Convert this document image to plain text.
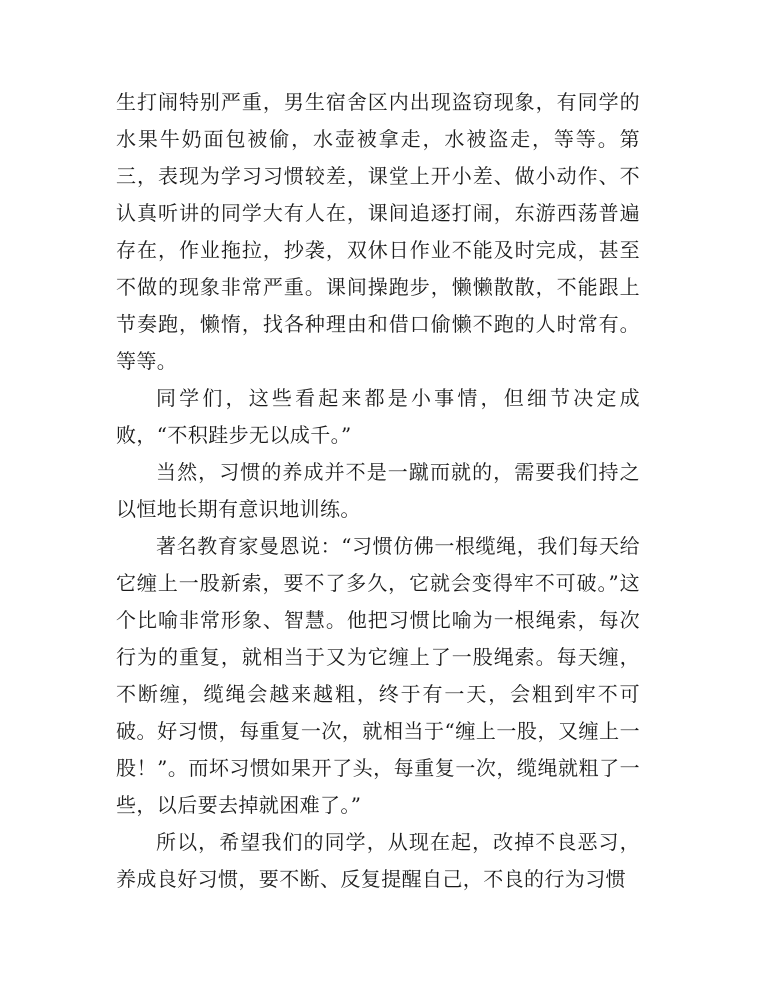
生打闹特别严重，男生宿舍区内出现盗窃现象，有同学的水果牛奶面包被偷，水壶被拿走，水被盗走，等等。第三，表现为学习习惯较差，课堂上开小差、做小动作、不认真听讲的同学大有人在，课间追逐打闹，东游西荡普遍存在，作业拖拉，抄袭，双休日作业不能及时完成，甚至不做的现象非常严重。课间操跑步，懒懒散散，不能跟上节奏跑，懒惰，找各种理由和借口偷懒不跑的人时常有。等等。

同学们，这些看起来都是小事情，但细节决定成败，“不积跬步无以成千。”

当然，习惯的养成并不是一蹴而就的，需要我们持之以恒地长期有意识地训练。

著名教育家曼恩说：“习惯仿佛一根缆绳，我们每天给它缠上一股新索，要不了多久，它就会变得牢不可破。”这个比喻非常形象、智慧。他把习惯比喻为一根绳索，每次行为的重复，就相当于又为它缠上了一股绳索。每天缠，不断缠，缆绳会越来越粗，终于有一天，会粗到牢不可破。好习惯，每重复一次，就相当于“缠上一股，又缠上一股！”。而坏习惯如果开了头，每重复一次，缆绳就粗了一些，以后要去掉就困难了。”

所以，希望我们的同学，从现在起，改掉不良恶习，养成良好习惯，要不断、反复提醒自己，不良的行为习惯
